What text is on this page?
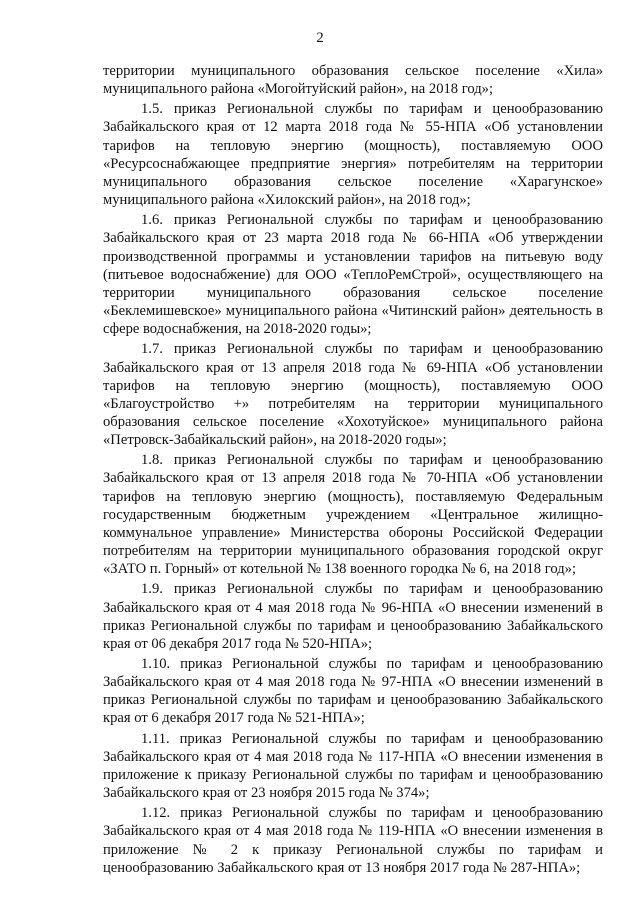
2

территории муниципального образования сельское поселение «Хила» муниципального района «Могойтуйский район», на 2018 год»;

1.5. приказ Региональной службы по тарифам и ценообразованию Забайкальского края от 12 марта 2018 года № 55-НПА «Об установлении тарифов на тепловую энергию (мощность), поставляемую ООО «Ресурсоснабжающее предприятие энергия» потребителям на территории муниципального образования сельское поселение «Харагунское» муниципального района «Хилокский район», на 2018 год»;

1.6. приказ Региональной службы по тарифам и ценообразованию Забайкальского края от 23 марта 2018 года № 66-НПА «Об утверждении производственной программы и установлении тарифов на питьевую воду (питьевое водоснабжение) для ООО «ТеплоРемСтрой», осуществляющего на территории муниципального образования сельское поселение «Беклемишевское» муниципального района «Читинский район» деятельность в сфере водоснабжения, на 2018-2020 годы»;

1.7. приказ Региональной службы по тарифам и ценообразованию Забайкальского края от 13 апреля 2018 года № 69-НПА «Об установлении тарифов на тепловую энергию (мощность), поставляемую ООО «Благоустройство +» потребителям на территории муниципального образования сельское поселение «Хохотуйское» муниципального района «Петровск-Забайкальский район», на 2018-2020 годы»;

1.8. приказ Региональной службы по тарифам и ценообразованию Забайкальского края от 13 апреля 2018 года № 70-НПА «Об установлении тарифов на тепловую энергию (мощность), поставляемую Федеральным государственным бюджетным учреждением «Центральное жилищно-коммунальное управление» Министерства обороны Российской Федерации потребителям на территории муниципального образования городской округ «ЗАТО п. Горный» от котельной № 138 военного городка № 6, на 2018 год»;

1.9. приказ Региональной службы по тарифам и ценообразованию Забайкальского края от 4 мая 2018 года № 96-НПА «О внесении изменений в приказ Региональной службы по тарифам и ценообразованию Забайкальского края от 06 декабря 2017 года № 520-НПА»;

1.10. приказ Региональной службы по тарифам и ценообразованию Забайкальского края от 4 мая 2018 года № 97-НПА «О внесении изменений в приказ Региональной службы по тарифам и ценообразованию Забайкальского края от 6 декабря 2017 года № 521-НПА»;

1.11. приказ Региональной службы по тарифам и ценообразованию Забайкальского края от 4 мая 2018 года № 117-НПА «О внесении изменения в приложение к приказу Региональной службы по тарифам и ценообразованию Забайкальского края от 23 ноября 2015 года № 374»;

1.12. приказ Региональной службы по тарифам и ценообразованию Забайкальского края от 4 мая 2018 года № 119-НПА «О внесении изменения в приложение № 2 к приказу Региональной службы по тарифам и ценообразованию Забайкальского края от 13 ноября 2017 года № 287-НПА»;
